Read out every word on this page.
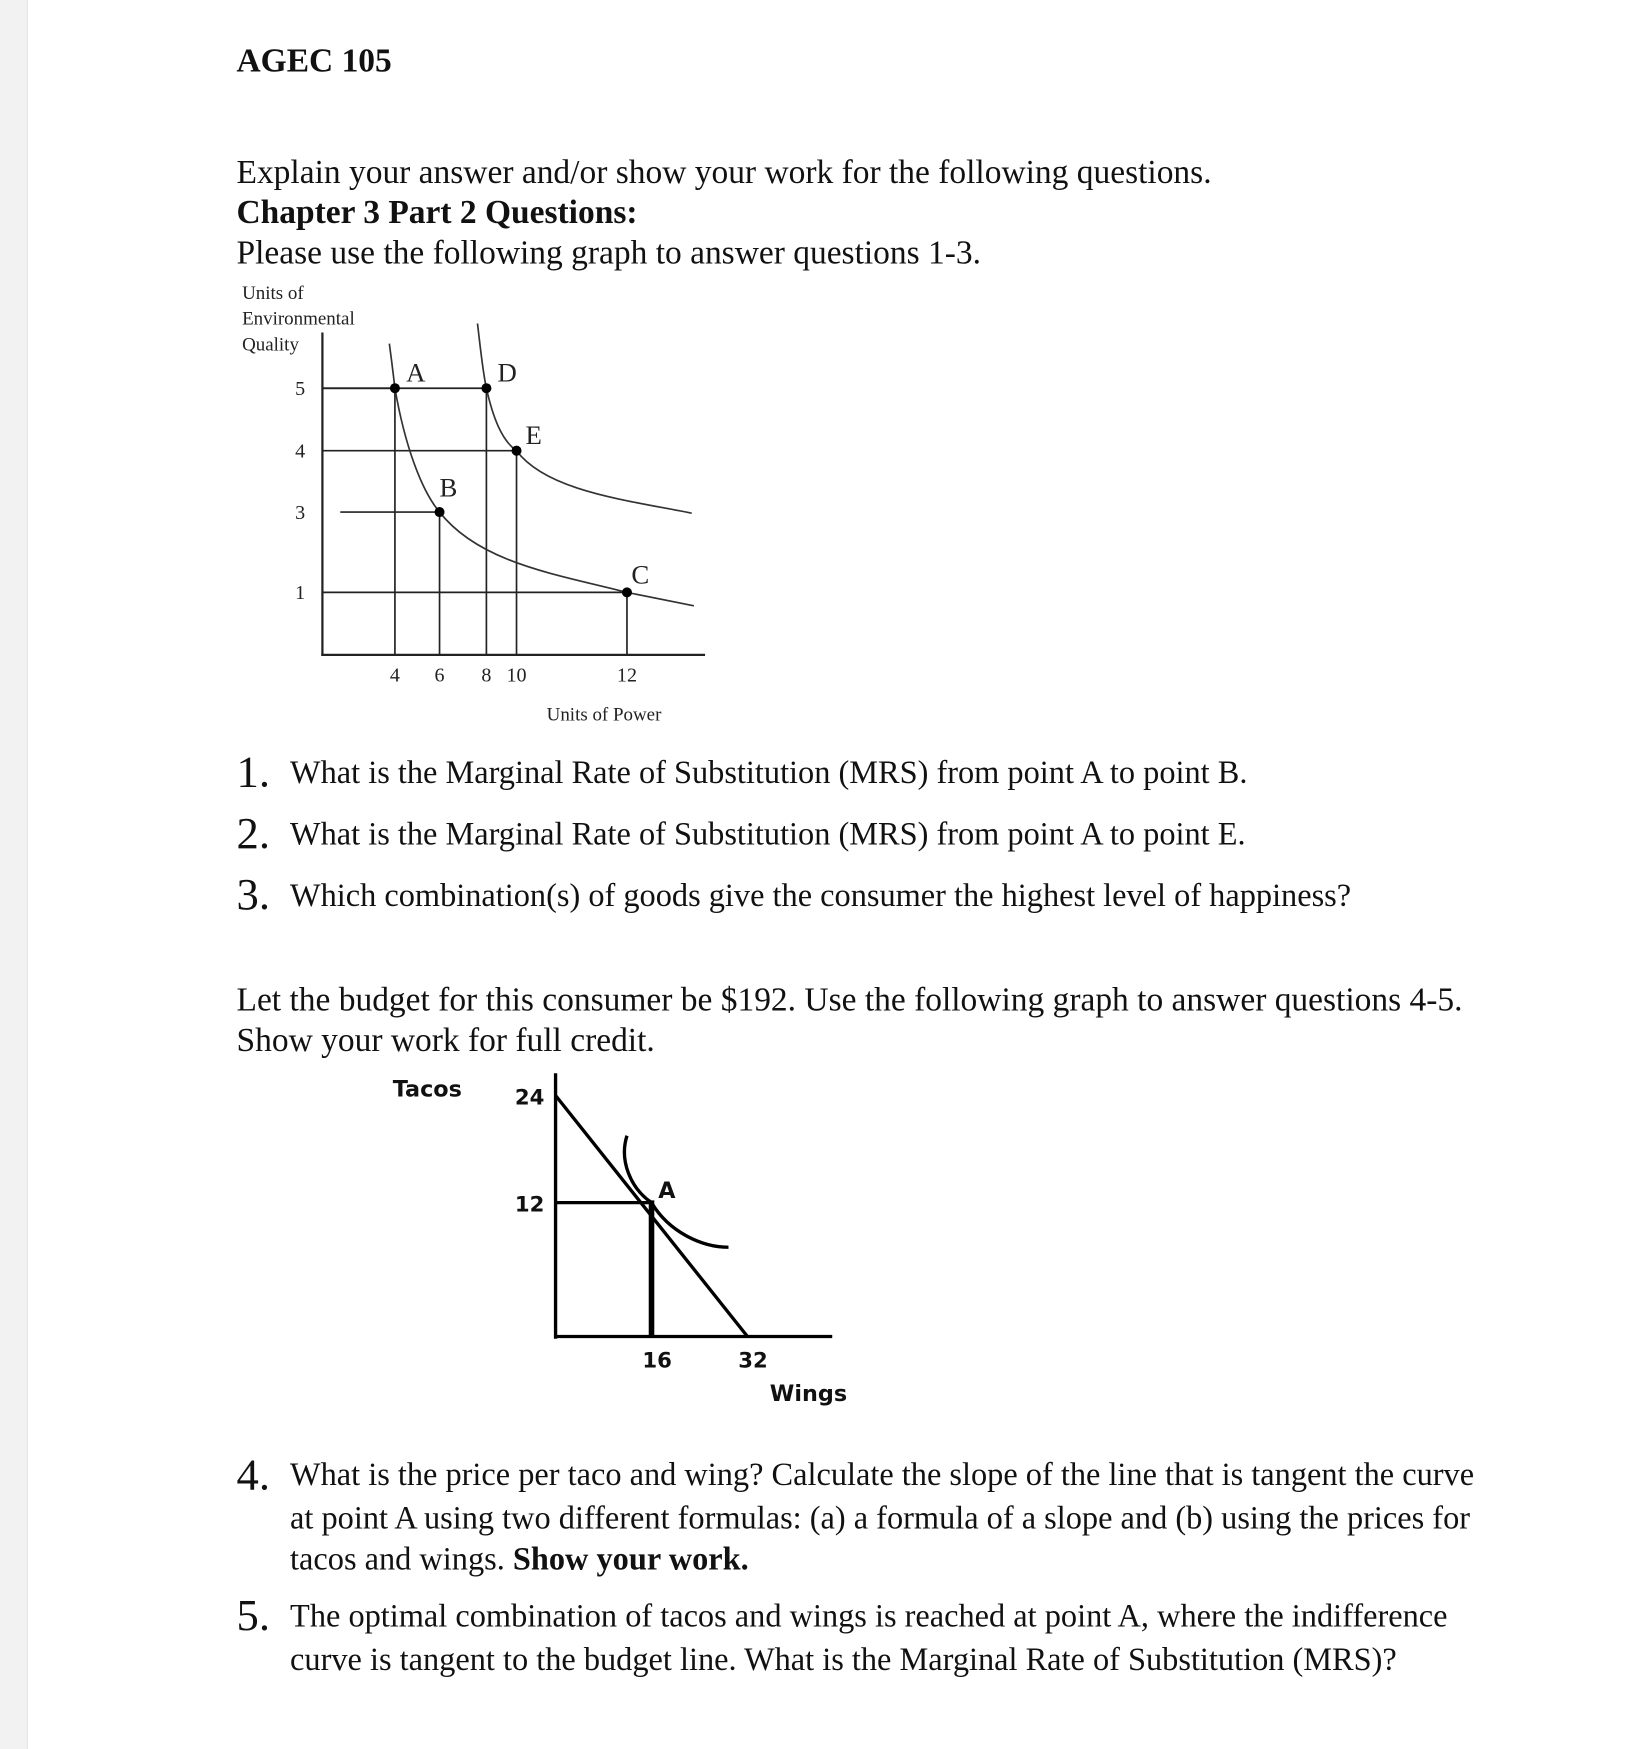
AGEC 105
Explain your answer and/or show your work for the following questions.
Chapter 3 Part 2 Questions:
Please use the following graph to answer questions 1-3.
A
B
C
D
E
4 6 8 10	12
5
4
3
1
Units of
Environmental
Quality
Units of Power
1. What is the Marginal Rate of Substitution (MRS) from point A to point B.
2. What is the Marginal Rate of Substitution (MRS) from point A to point E.
3. Which combination(s) of goods give the consumer the highest level of happiness?
Let the budget for this consumer be $192. Use the following graph to answer questions 4-5.
Show your work for full credit.
A
16	32
24
12
Tacos
Wings
4. What is the price per taco and wing? Calculate the slope of the line that is tangent the curve
at point A using two different formulas: (a) a formula of a slope and (b) using the prices for
tacos and wings. Show your work.
5. The optimal combination of tacos and wings is reached at point A, where the indifference
curve is tangent to the budget line. What is the Marginal Rate of Substitution (MRS)?
